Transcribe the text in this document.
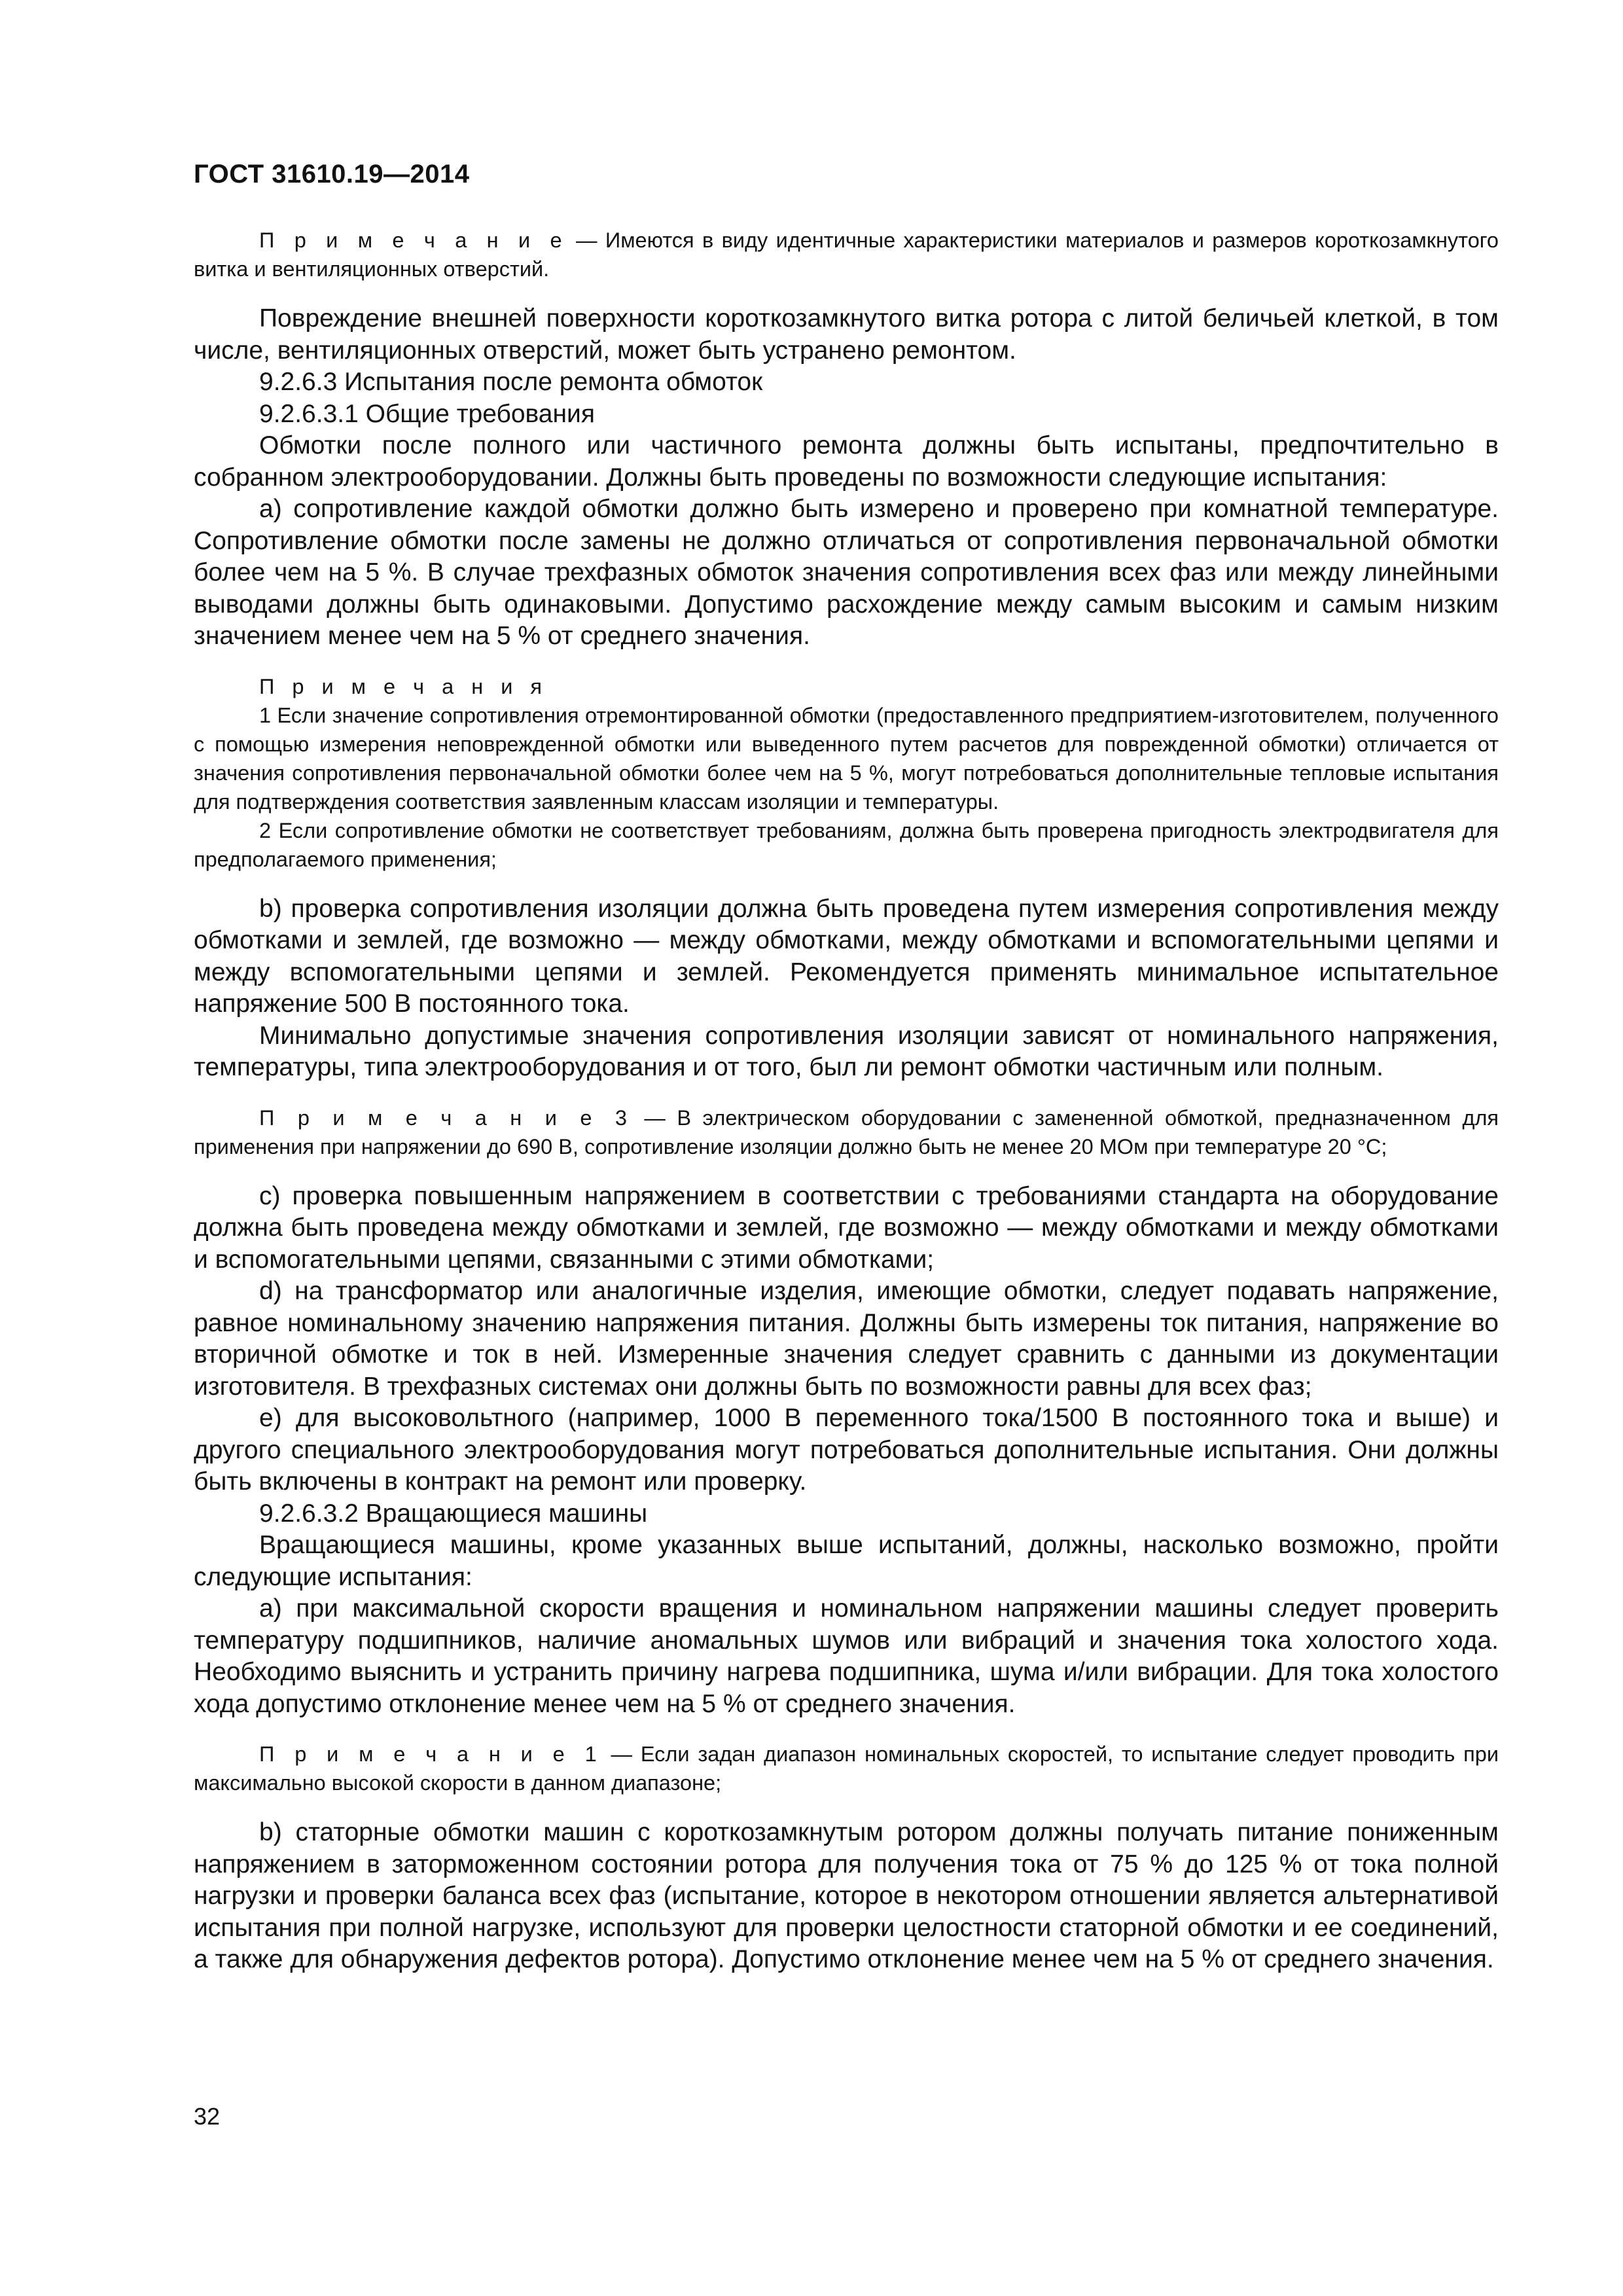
ГОСТ 31610.19—2014

П р и м е ч а н и е — Имеются в виду идентичные характеристики материалов и размеров короткозамкнутого витка и вентиляционных отверстий.

Повреждение внешней поверхности короткозамкнутого витка ротора с литой беличьей клеткой, в том числе, вентиляционных отверстий, может быть устранено ремонтом.

9.2.6.3 Испытания после ремонта обмоток

9.2.6.3.1 Общие требования

Обмотки после полного или частичного ремонта должны быть испытаны, предпочтительно в собранном электрооборудовании. Должны быть проведены по возможности следующие испытания:

а) сопротивление каждой обмотки должно быть измерено и проверено при комнатной температуре. Сопротивление обмотки после замены не должно отличаться от сопротивления первоначальной обмотки более чем на 5 %. В случае трехфазных обмоток значения сопротивления всех фаз или между линейными выводами должны быть одинаковыми. Допустимо расхождение между самым высоким и самым низким значением менее чем на 5 % от среднего значения.

П р и м е ч а н и я

1 Если значение сопротивления отремонтированной обмотки (предоставленного предприятием-изготовителем, полученного с помощью измерения неповрежденной обмотки или выведенного путем расчетов для поврежденной обмотки) отличается от значения сопротивления первоначальной обмотки более чем на 5 %, могут потребоваться дополнительные тепловые испытания для подтверждения соответствия заявленным классам изоляции и температуры.

2 Если сопротивление обмотки не соответствует требованиям, должна быть проверена пригодность электродвигателя для предполагаемого применения;

b) проверка сопротивления изоляции должна быть проведена путем измерения сопротивления между обмотками и землей, где возможно — между обмотками, между обмотками и вспомогательными цепями и между вспомогательными цепями и землей. Рекомендуется применять минимальное испытательное напряжение 500 В постоянного тока.

Минимально допустимые значения сопротивления изоляции зависят от номинального напряжения, температуры, типа электрооборудования и от того, был ли ремонт обмотки частичным или полным.

П р и м е ч а н и е 3 — В электрическом оборудовании с замененной обмоткой, предназначенном для применения при напряжении до 690 В, сопротивление изоляции должно быть не менее 20 МОм при температуре 20 °С;

с) проверка повышенным напряжением в соответствии с требованиями стандарта на оборудование должна быть проведена между обмотками и землей, где возможно — между обмотками и между обмотками и вспомогательными цепями, связанными с этими обмотками;

d) на трансформатор или аналогичные изделия, имеющие обмотки, следует подавать напряжение, равное номинальному значению напряжения питания. Должны быть измерены ток питания, напряжение во вторичной обмотке и ток в ней. Измеренные значения следует сравнить с данными из документации изготовителя. В трехфазных системах они должны быть по возможности равны для всех фаз;

е) для высоковольтного (например, 1000 В переменного тока/1500 В постоянного тока и выше) и другого специального электрооборудования могут потребоваться дополнительные испытания. Они должны быть включены в контракт на ремонт или проверку.

9.2.6.3.2 Вращающиеся машины

Вращающиеся машины, кроме указанных выше испытаний, должны, насколько возможно, пройти следующие испытания:

а) при максимальной скорости вращения и номинальном напряжении машины следует проверить температуру подшипников, наличие аномальных шумов или вибраций и значения тока холостого хода. Необходимо выяснить и устранить причину нагрева подшипника, шума и/или вибрации. Для тока холостого хода допустимо отклонение менее чем на 5 % от среднего значения.

П р и м е ч а н и е 1 — Если задан диапазон номинальных скоростей, то испытание следует проводить при максимально высокой скорости в данном диапазоне;

b) статорные обмотки машин с короткозамкнутым ротором должны получать питание пониженным напряжением в заторможенном состоянии ротора для получения тока от 75 % до 125 % от тока полной нагрузки и проверки баланса всех фаз (испытание, которое в некотором отношении является альтернативой испытания при полной нагрузке, используют для проверки целостности статорной обмотки и ее соединений, а также для обнаружения дефектов ротора). Допустимо отклонение менее чем на 5 % от среднего значения.

32
